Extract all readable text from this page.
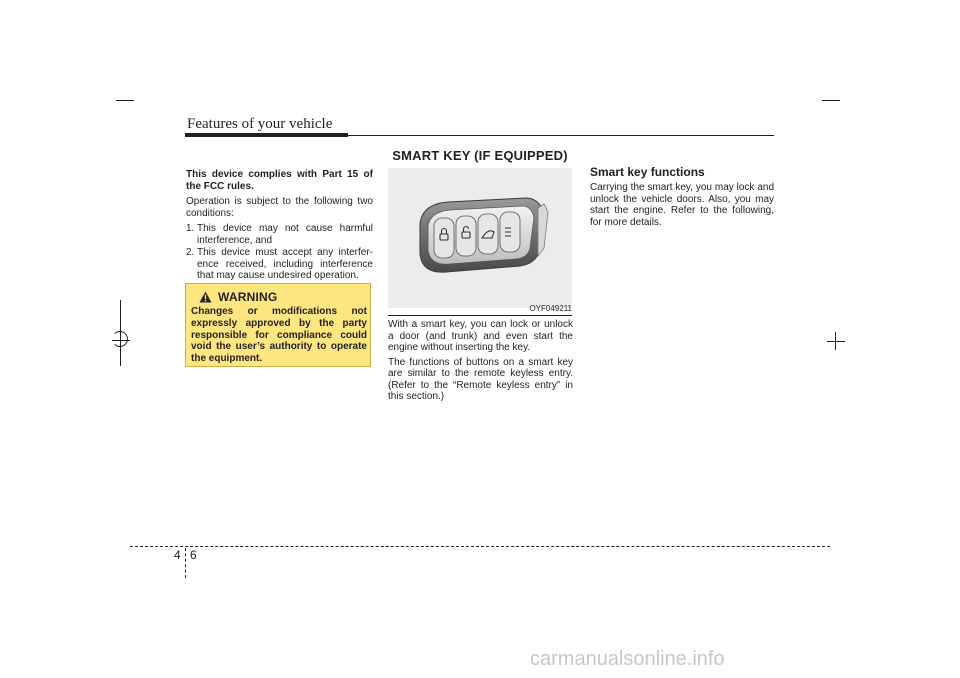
Features of your vehicle

This device complies with Part 15 of the FCC rules.

Operation is subject to the following two conditions:

1. This device may not cause harmful interference, and
2. This device must accept any interfer-ence received, including interference that may cause undesired operation.
WARNING
Changes or modifications not expressly approved by the party responsible for compliance could void the user’s authority to operate the equipment.
SMART KEY (IF EQUIPPED)
OYF049211

With a smart key, you can lock or unlock a door (and trunk) and even start the engine without inserting the key.

The functions of buttons on a smart key are similar to the remote keyless entry. (Refer to the “Remote keyless entry” in this section.)

Smart key functions

Carrying the smart key, you may lock and unlock the vehicle doors. Also, you may start the engine. Refer to the following, for more details.

4 6
carmanualsonline.info
